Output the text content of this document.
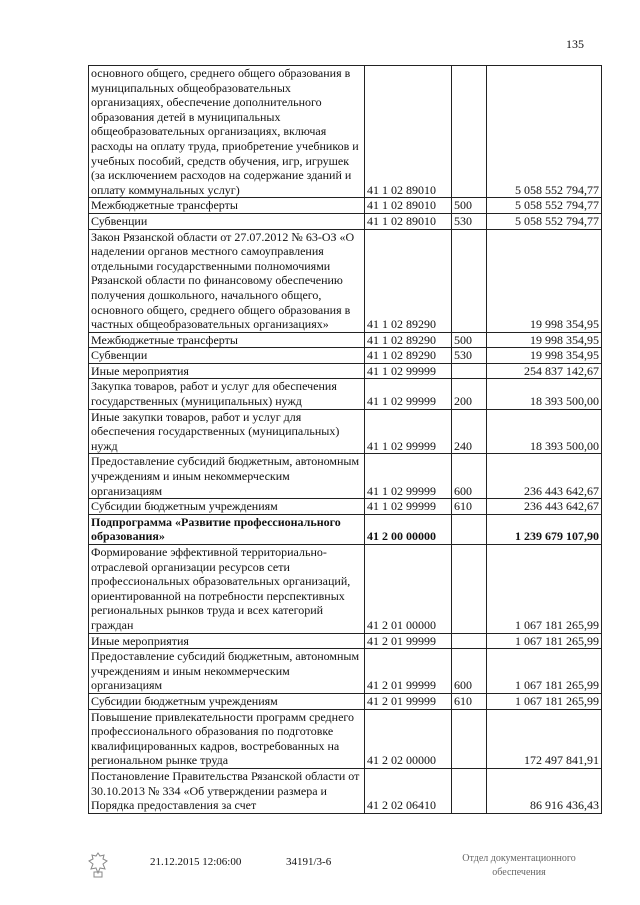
135
основного общего, среднего общего образования в муниципальных общеобразовательных организациях, обеспечение дополнительного образования детей в муниципальных общеобразовательных организациях, включая расходы на оплату труда, приобретение учебников и учебных пособий, средств обучения, игр, игрушек (за исключением расходов на содержание зданий и оплату коммунальных услуг)	41 1 02 89010		5 058 552 794,77
Межбюджетные трансферты	41 1 02 89010	500	5 058 552 794,77
Субвенции	41 1 02 89010	530	5 058 552 794,77
Закон Рязанской области от 27.07.2012 № 63-ОЗ «О наделении органов местного самоуправления отдельными государственными полномочиями Рязанской области по финансовому обеспечению получения дошкольного, начального общего, основного общего, среднего общего образования в частных общеобразовательных организациях»	41 1 02 89290		19 998 354,95
Межбюджетные трансферты	41 1 02 89290	500	19 998 354,95
Субвенции	41 1 02 89290	530	19 998 354,95
Иные мероприятия	41 1 02 99999		254 837 142,67
Закупка товаров, работ и услуг для обеспечения государственных (муниципальных) нужд	41 1 02 99999	200	18 393 500,00
Иные закупки товаров, работ и услуг для обеспечения государственных (муниципальных) нужд	41 1 02 99999	240	18 393 500,00
Предоставление субсидий бюджетным, автономным учреждениям и иным некоммерческим организациям	41 1 02 99999	600	236 443 642,67
Субсидии бюджетным учреждениям	41 1 02 99999	610	236 443 642,67
Подпрограмма «Развитие профессионального образования»	41 2 00 00000		1 239 679 107,90
Формирование эффективной территориально-отраслевой организации ресурсов сети профессиональных образовательных организаций, ориентированной на потребности перспективных региональных рынков труда и всех категорий граждан	41 2 01 00000		1 067 181 265,99
Иные мероприятия	41 2 01 99999		1 067 181 265,99
Предоставление субсидий бюджетным, автономным учреждениям и иным некоммерческим организациям	41 2 01 99999	600	1 067 181 265,99
Субсидии бюджетным учреждениям	41 2 01 99999	610	1 067 181 265,99
Повышение привлекательности программ среднего профессионального образования по подготовке квалифицированных кадров, востребованных на региональном рынке труда	41 2 02 00000		172 497 841,91
Постановление Правительства Рязанской области от 30.10.2013 № 334 «Об утверждении размера и Порядка предоставления за счет	41 2 02 06410		86 916 436,43
21.12.2015 12:06:00	34191/3-6	Отдел документационного обеспечения
